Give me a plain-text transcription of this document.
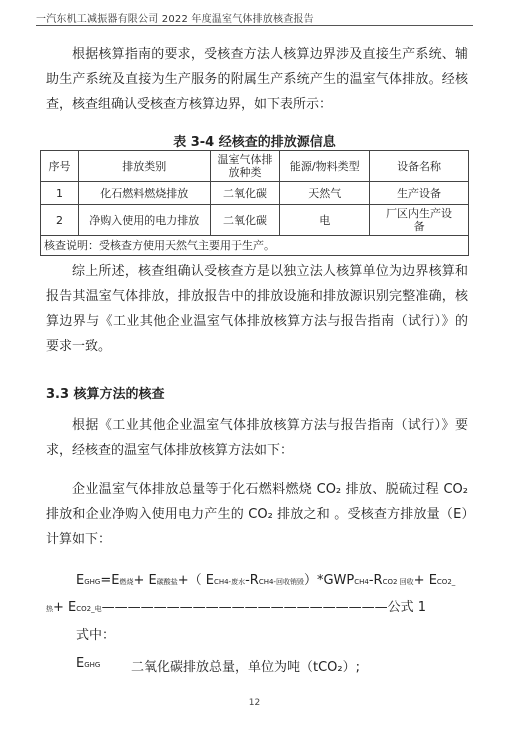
一汽东机工减振器有限公司 2022 年度温室气体排放核查报告
根据核算指南的要求，受核查方法人核算边界涉及直接生产系统、辅助生产系统及直接为生产服务的附属生产系统产生的温室气体排放。经核查，核查组确认受核查方核算边界，如下表所示：
表 3-4 经核查的排放源信息
序号	排放类别	温室气体排放种类	能源/物料类型	设备名称
1	化石燃料燃烧排放	二氧化碳	天然气	生产设备
2	净购入使用的电力排放	二氧化碳	电	厂区内生产设备
核查说明：受核查方使用天然气主要用于生产。				
综上所述，核查组确认受核查方是以独立法人核算单位为边界核算和报告其温室气体排放，排放报告中的排放设施和排放源识别完整准确，核算边界与《工业其他企业温室气体排放核算方法与报告指南（试行）》的要求一致。
3.3 核算方法的核查
根据《工业其他企业温室气体排放核算方法与报告指南（试行）》要求，经核查的温室气体排放核算方法如下：
企业温室气体排放总量等于化石燃料燃烧 CO₂ 排放、脱硫过程 CO₂ 排放和企业净购入使用电力产生的 CO₂ 排放之和 。受核查方排放量（E）计算如下：
EGHG=E燃烧+ E碳酸盐+（ ECH4-废水-RCH4-回收销毁）*GWPCH4-RCO2 回收+ ECO2_
热+ ECO2_电——————————————————————公式 1
式中：
EGHG 二氧化碳排放总量，单位为吨（tCO₂）;
12
